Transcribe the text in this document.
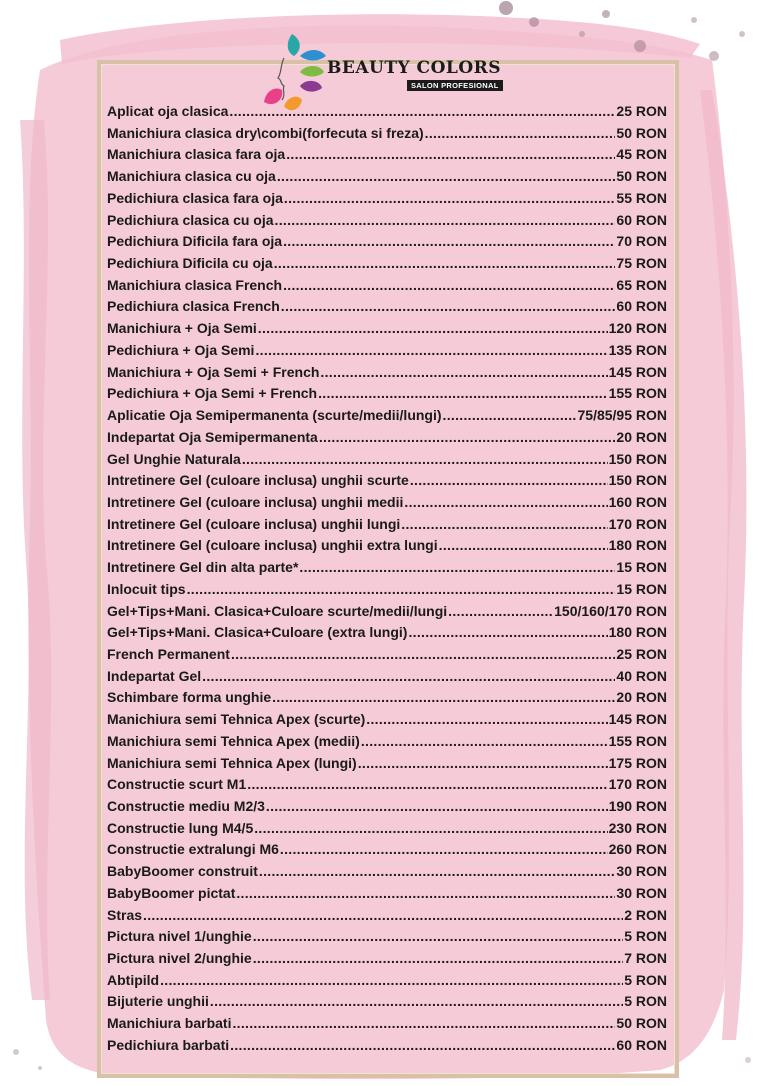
BEAUTY COLORS
SALON PROFESIONAL
Aplicat oja clasica .....	25 RON
Manichiura clasica dry\combi(forfecuta si freza) .....	50 RON
Manichiura clasica fara oja .....	45 RON
Manichiura clasica cu oja .....	50 RON
Pedichiura clasica fara oja .....	55 RON
Pedichiura clasica cu oja .....	60 RON
Pedichiura Dificila fara oja .....	70 RON
Pedichiura Dificila cu oja .....	75 RON
Manichiura clasica French .....	65 RON
Pedichiura clasica French .....	60 RON
Manichiura + Oja Semi .....	120 RON
Pedichiura + Oja Semi .....	135 RON
Manichiura + Oja Semi + French .....	145 RON
Pedichiura + Oja Semi + French .....	155 RON
Aplicatie Oja Semipermanenta (scurte/medii/lungi) .....	75/85/95 RON
Indepartat Oja Semipermanenta .....	20 RON
Gel Unghie Naturala .....	150 RON
Intretinere Gel (culoare inclusa) unghii scurte .....	150 RON
Intretinere Gel (culoare inclusa) unghii medii .....	160 RON
Intretinere Gel (culoare inclusa) unghii lungi .....	170 RON
Intretinere Gel (culoare inclusa) unghii extra lungi .....	180 RON
Intretinere Gel din alta parte* .....	15 RON
Inlocuit tips .....	15 RON
Gel+Tips+Mani. Clasica+Culoare scurte/medii/lungi .....	150/160/170 RON
Gel+Tips+Mani. Clasica+Culoare (extra lungi) .....	180 RON
French Permanent .....	25 RON
Indepartat Gel .....	40 RON
Schimbare forma unghie .....	20 RON
Manichiura semi Tehnica Apex (scurte) .....	145 RON
Manichiura semi Tehnica Apex (medii) .....	155 RON
Manichiura semi Tehnica Apex (lungi) .....	175 RON
Constructie scurt M1 .....	170 RON
Constructie mediu M2/3 .....	190 RON
Constructie lung M4/5 .....	230 RON
Constructie extralungi M6 .....	260 RON
BabyBoomer construit .....	30 RON
BabyBoomer pictat .....	30 RON
Stras .....	2 RON
Pictura nivel 1/unghie .....	5 RON
Pictura nivel 2/unghie .....	7 RON
Abtipild .....	5 RON
Bijuterie unghii .....	5 RON
Manichiura barbati .....	50 RON
Pedichiura barbati .....	60 RON
